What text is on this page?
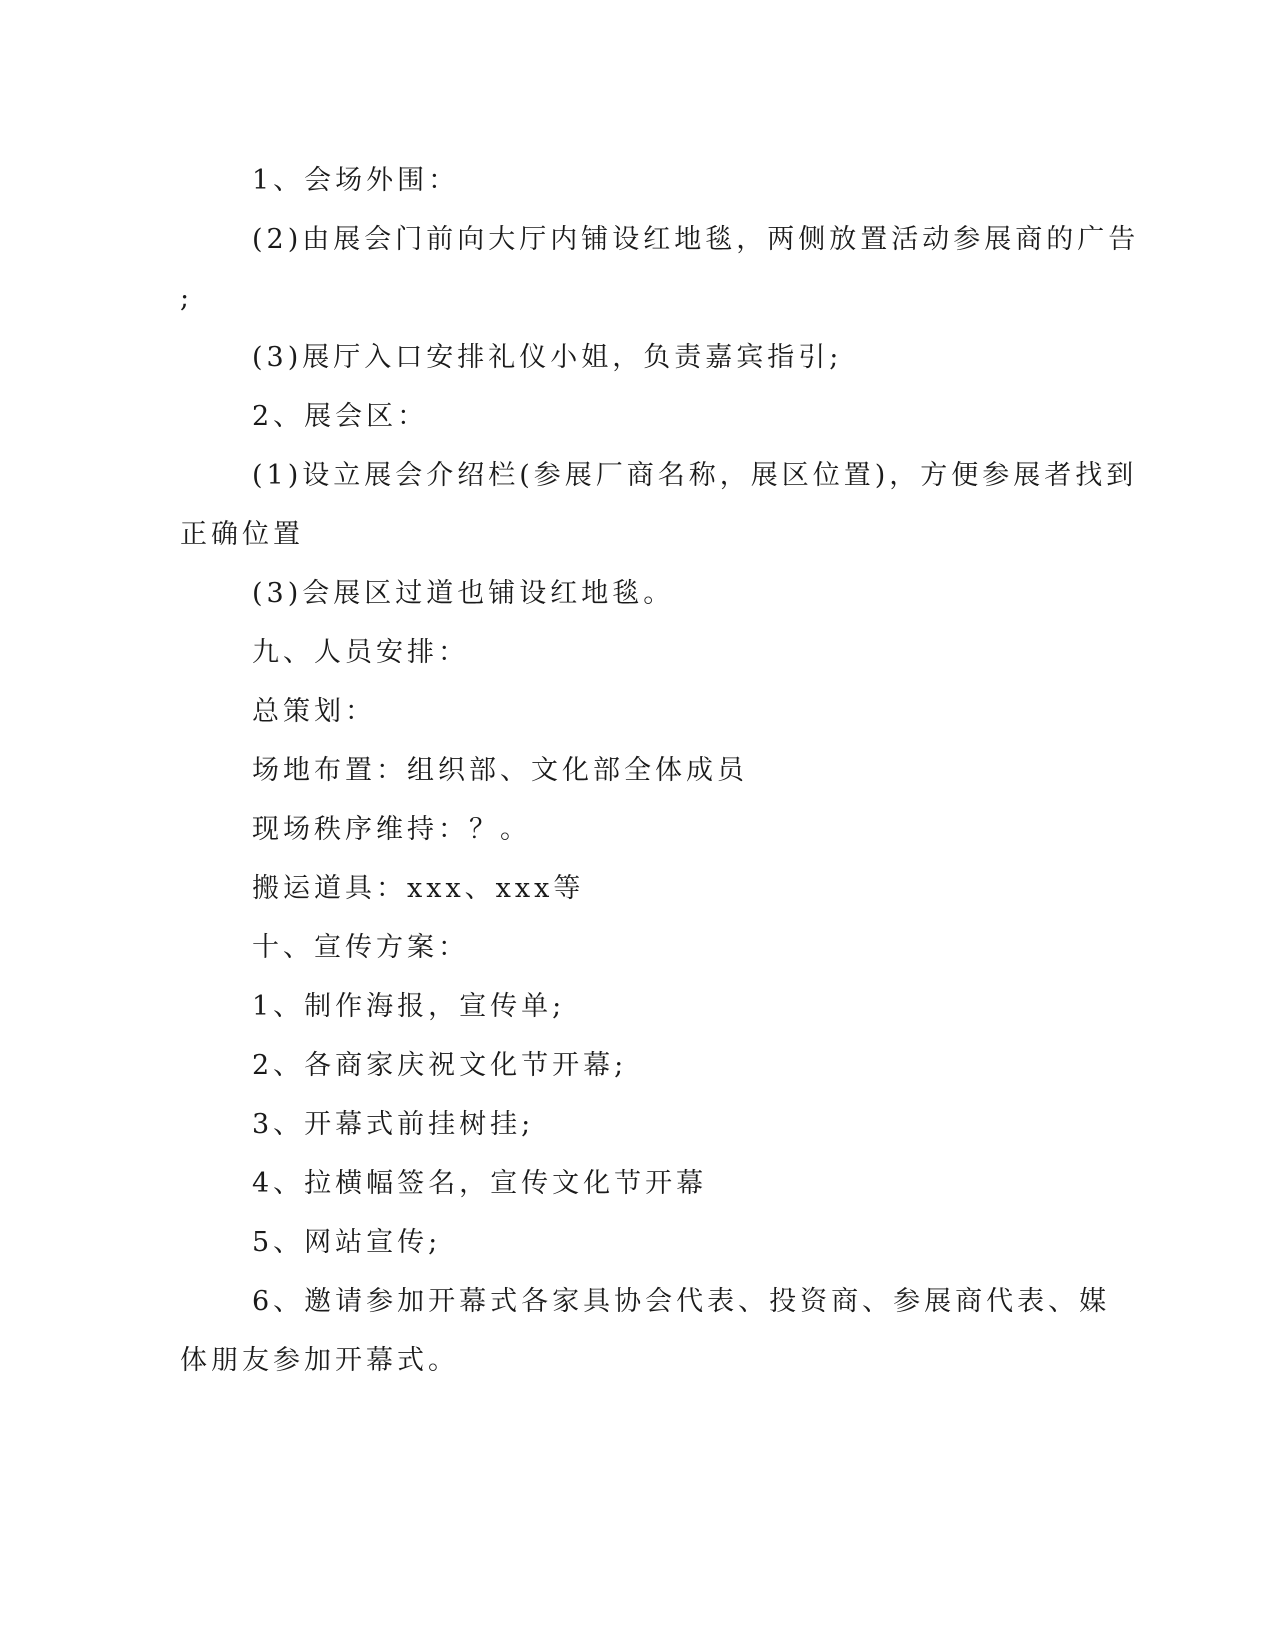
1、会场外围：
(2)由展会门前向大厅内铺设红地毯，两侧放置活动参展商的广告
;
(3)展厅入口安排礼仪小姐，负责嘉宾指引;
2、展会区：
(1)设立展会介绍栏(参展厂商名称，展区位置)，方便参展者找到
正确位置
(3)会展区过道也铺设红地毯。
九、人员安排：
总策划：
场地布置：组织部、文化部全体成员
现场秩序维持：？。
搬运道具：xxx、xxx等
十、宣传方案：
1、制作海报，宣传单;
2、各商家庆祝文化节开幕;
3、开幕式前挂树挂;
4、拉横幅签名，宣传文化节开幕
5、网站宣传;
6、邀请参加开幕式各家具协会代表、投资商、参展商代表、媒
体朋友参加开幕式。
